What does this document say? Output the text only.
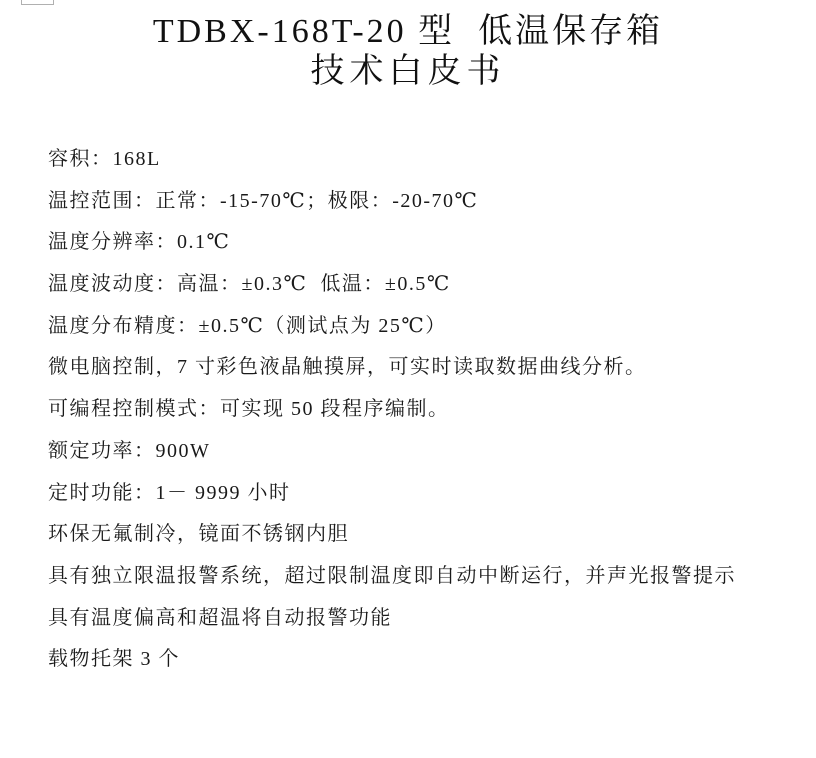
TDBX-168T-20 型  低温保存箱
技术白皮书

容积：168L

温控范围：正常：-15-70℃；极限：-20-70℃

温度分辨率：0.1℃

温度波动度：高温：±0.3℃  低温：±0.5℃

温度分布精度：±0.5℃（测试点为 25℃）

微电脑控制，7 寸彩色液晶触摸屏，可实时读取数据曲线分析。

可编程控制模式：可实现 50 段程序编制。

额定功率：900W

定时功能：1－ 9999 小时

环保无氟制冷，镜面不锈钢内胆

具有独立限温报警系统，超过限制温度即自动中断运行，并声光报警提示

具有温度偏高和超温将自动报警功能

载物托架 3 个
